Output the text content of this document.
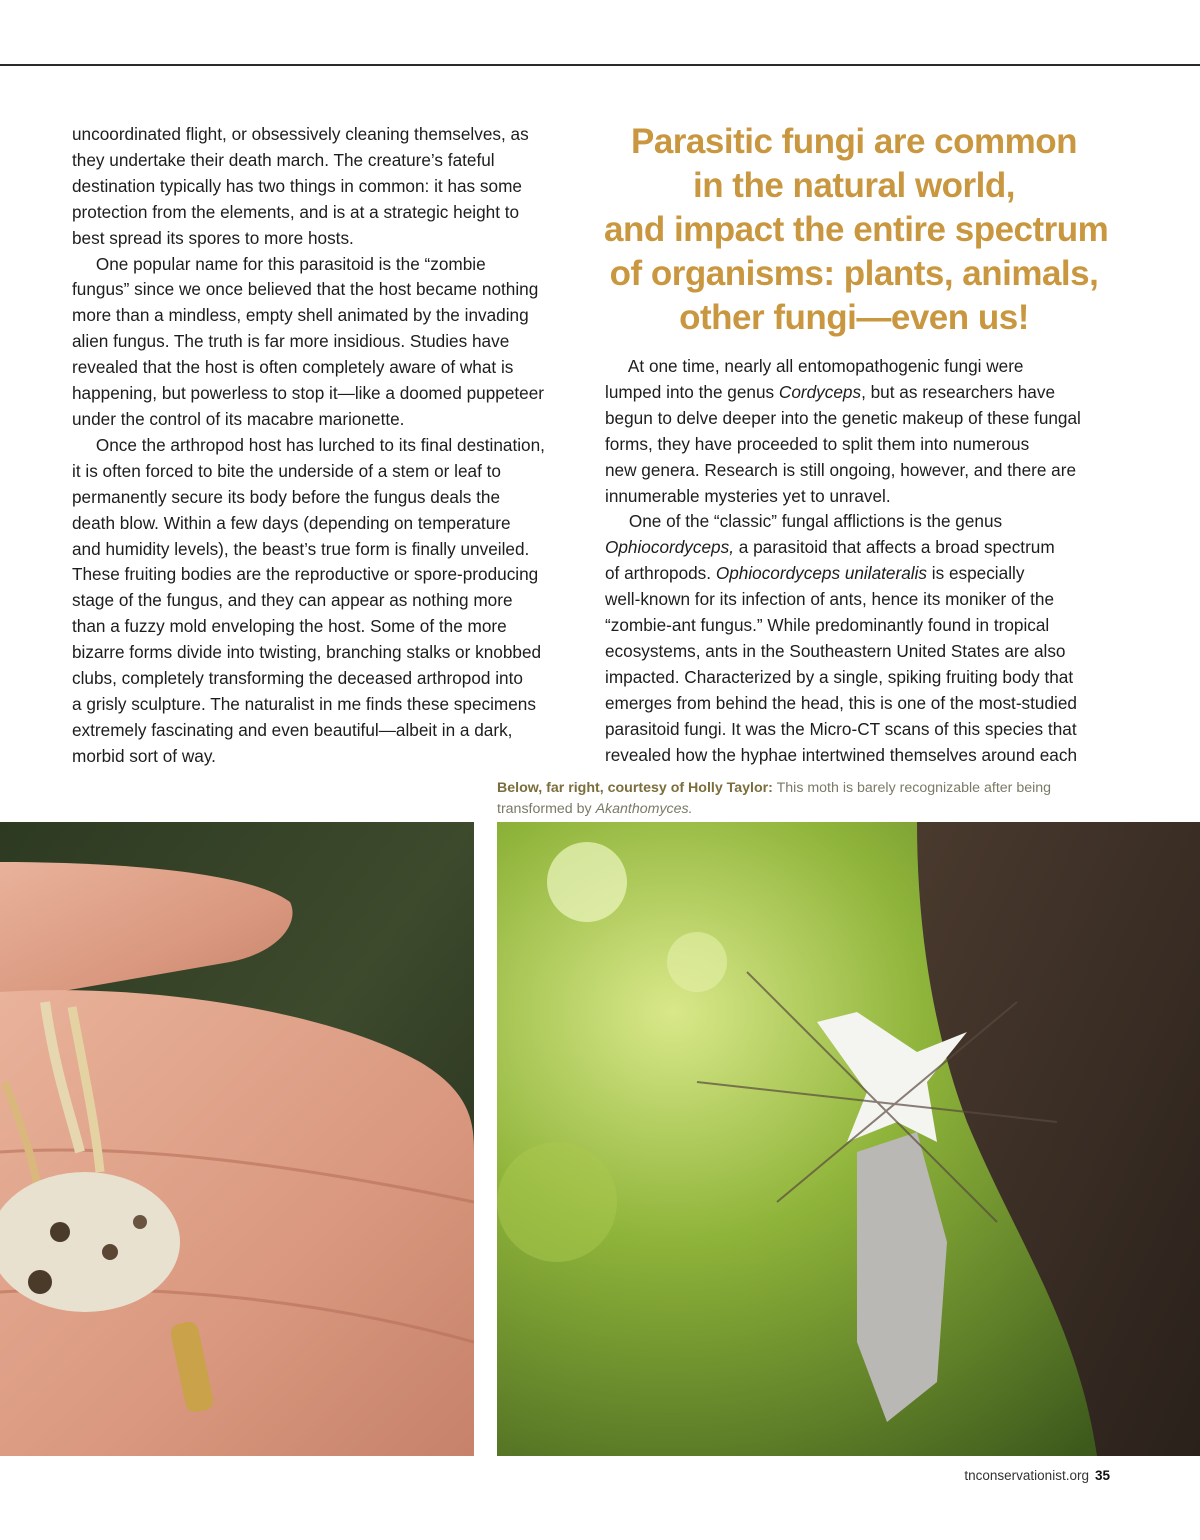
uncoordinated flight, or obsessively cleaning themselves, as

they undertake their death march. The creature’s fateful

destination typically has two things in common: it has some

protection from the elements, and is at a strategic height to

best spread its spores to more hosts.

One popular name for this parasitoid is the “zombie

fungus” since we once believed that the host became nothing

more than a mindless, empty shell animated by the invading

alien fungus. The truth is far more insidious. Studies have

revealed that the host is often completely aware of what is

happening, but powerless to stop it—like a doomed puppeteer

under the control of its macabre marionette.

Once the arthropod host has lurched to its final destination,

it is often forced to bite the underside of a stem or leaf to

permanently secure its body before the fungus deals the

death blow. Within a few days (depending on temperature

and humidity levels), the beast’s true form is finally unveiled.

These fruiting bodies are the reproductive or spore-producing

stage of the fungus, and they can appear as nothing more

than a fuzzy mold enveloping the host. Some of the more

bizarre forms divide into twisting, branching stalks or knobbed

clubs, completely transforming the deceased arthropod into

a grisly sculpture. The naturalist in me finds these specimens

extremely fascinating and even beautiful—albeit in a dark,

morbid sort of way.

Parasitic fungi are common
in the natural world,
and impact the entire spectrum
of organisms: plants, animals,
other fungi—even us!

At one time, nearly all entomopathogenic fungi were

lumped into the genus Cordyceps, but as researchers have

begun to delve deeper into the genetic makeup of these fungal

forms, they have proceeded to split them into numerous

new genera. Research is still ongoing, however, and there are

innumerable mysteries yet to unravel.

One of the “classic” fungal afflictions is the genus

Ophiocordyceps, a parasitoid that affects a broad spectrum

of arthropods. Ophiocordyceps unilateralis is especially

well-known for its infection of ants, hence its moniker of the

“zombie-ant fungus.” While predominantly found in tropical

ecosystems, ants in the Southeastern United States are also

impacted. Characterized by a single, spiking fruiting body that

emerges from behind the head, this is one of the most-studied

parasitoid fungi. It was the Micro-CT scans of this species that

revealed how the hyphae intertwined themselves around each

Below, far right, courtesy of Holly Taylor: This moth is barely recognizable after being
transformed by Akanthomyces.
tnconservationist.org 35
